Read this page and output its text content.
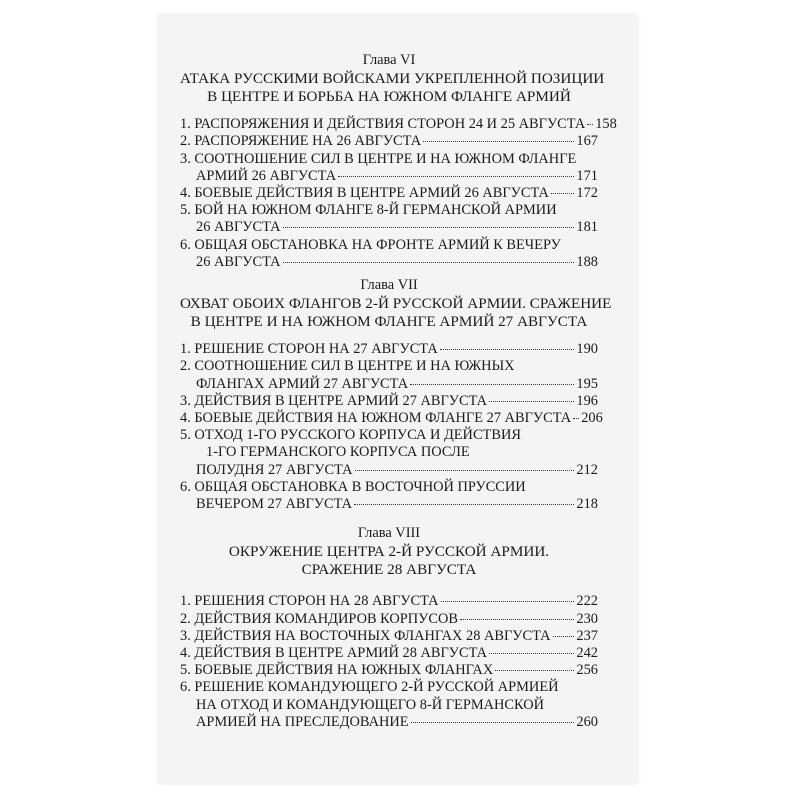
Глава VI
АТАКА РУССКИМИ ВОЙСКАМИ УКРЕПЛЕННОЙ ПОЗИЦИИ
В ЦЕНТРЕ И БОРЬБА НА ЮЖНОМ ФЛАНГЕ АРМИЙ
1. РАСПОРЯЖЕНИЯ И ДЕЙСТВИЯ СТОРОН 24 И 25 АВГУСТА 158
2. РАСПОРЯЖЕНИЕ НА 26 АВГУСТА	167
3. СООТНОШЕНИЕ СИЛ В ЦЕНТРЕ И НА ЮЖНОМ ФЛАНГЕ
АРМИЙ 26 АВГУСТА	171
4. БОЕВЫЕ ДЕЙСТВИЯ В ЦЕНТРЕ АРМИЙ 26 АВГУСТА 172
5. БОЙ НА ЮЖНОМ ФЛАНГЕ 8-Й ГЕРМАНСКОЙ АРМИИ
26 АВГУСТА	181
6. ОБЩАЯ ОБСТАНОВКА НА ФРОНТЕ АРМИЙ К ВЕЧЕРУ
26 АВГУСТА	188
Глава VII
ОХВАТ ОБОИХ ФЛАНГОВ 2-Й РУССКОЙ АРМИИ. СРАЖЕНИЕ
В ЦЕНТРЕ И НА ЮЖНОМ ФЛАНГЕ АРМИЙ 27 АВГУСТА
1. РЕШЕНИЕ СТОРОН НА 27 АВГУСТА	190
2. СООТНОШЕНИЕ СИЛ В ЦЕНТРЕ И НА ЮЖНЫХ
ФЛАНГАХ АРМИЙ 27 АВГУСТА	195
3. ДЕЙСТВИЯ В ЦЕНТРЕ АРМИЙ 27 АВГУСТА	196
4. БОЕВЫЕ ДЕЙСТВИЯ НА ЮЖНОМ ФЛАНГЕ 27 АВГУСТА 206
5. ОТХОД 1-ГО РУССКОГО КОРПУСА И ДЕЙСТВИЯ
1-ГО ГЕРМАНСКОГО КОРПУСА ПОСЛЕ
ПОЛУДНЯ 27 АВГУСТА	212
6. ОБЩАЯ ОБСТАНОВКА В ВОСТОЧНОЙ ПРУССИИ
ВЕЧЕРОМ 27 АВГУСТА	218
Глава VIII
ОКРУЖЕНИЕ ЦЕНТРА 2-Й РУССКОЙ АРМИИ.
СРАЖЕНИЕ 28 АВГУСТА
1. РЕШЕНИЯ СТОРОН НА 28 АВГУСТА	222
2. ДЕЙСТВИЯ КОМАНДИРОВ КОРПУСОВ	230
3. ДЕЙСТВИЯ НА ВОСТОЧНЫХ ФЛАНГАХ 28 АВГУСТА 237
4. ДЕЙСТВИЯ В ЦЕНТРЕ АРМИЙ 28 АВГУСТА	242
5. БОЕВЫЕ ДЕЙСТВИЯ НА ЮЖНЫХ ФЛАНГАХ	256
6. РЕШЕНИЕ КОМАНДУЮЩЕГО 2-Й РУССКОЙ АРМИЕЙ
НА ОТХОД И КОМАНДУЮЩЕГО 8-Й ГЕРМАНСКОЙ
АРМИЕЙ НА ПРЕСЛЕДОВАНИЕ	260
